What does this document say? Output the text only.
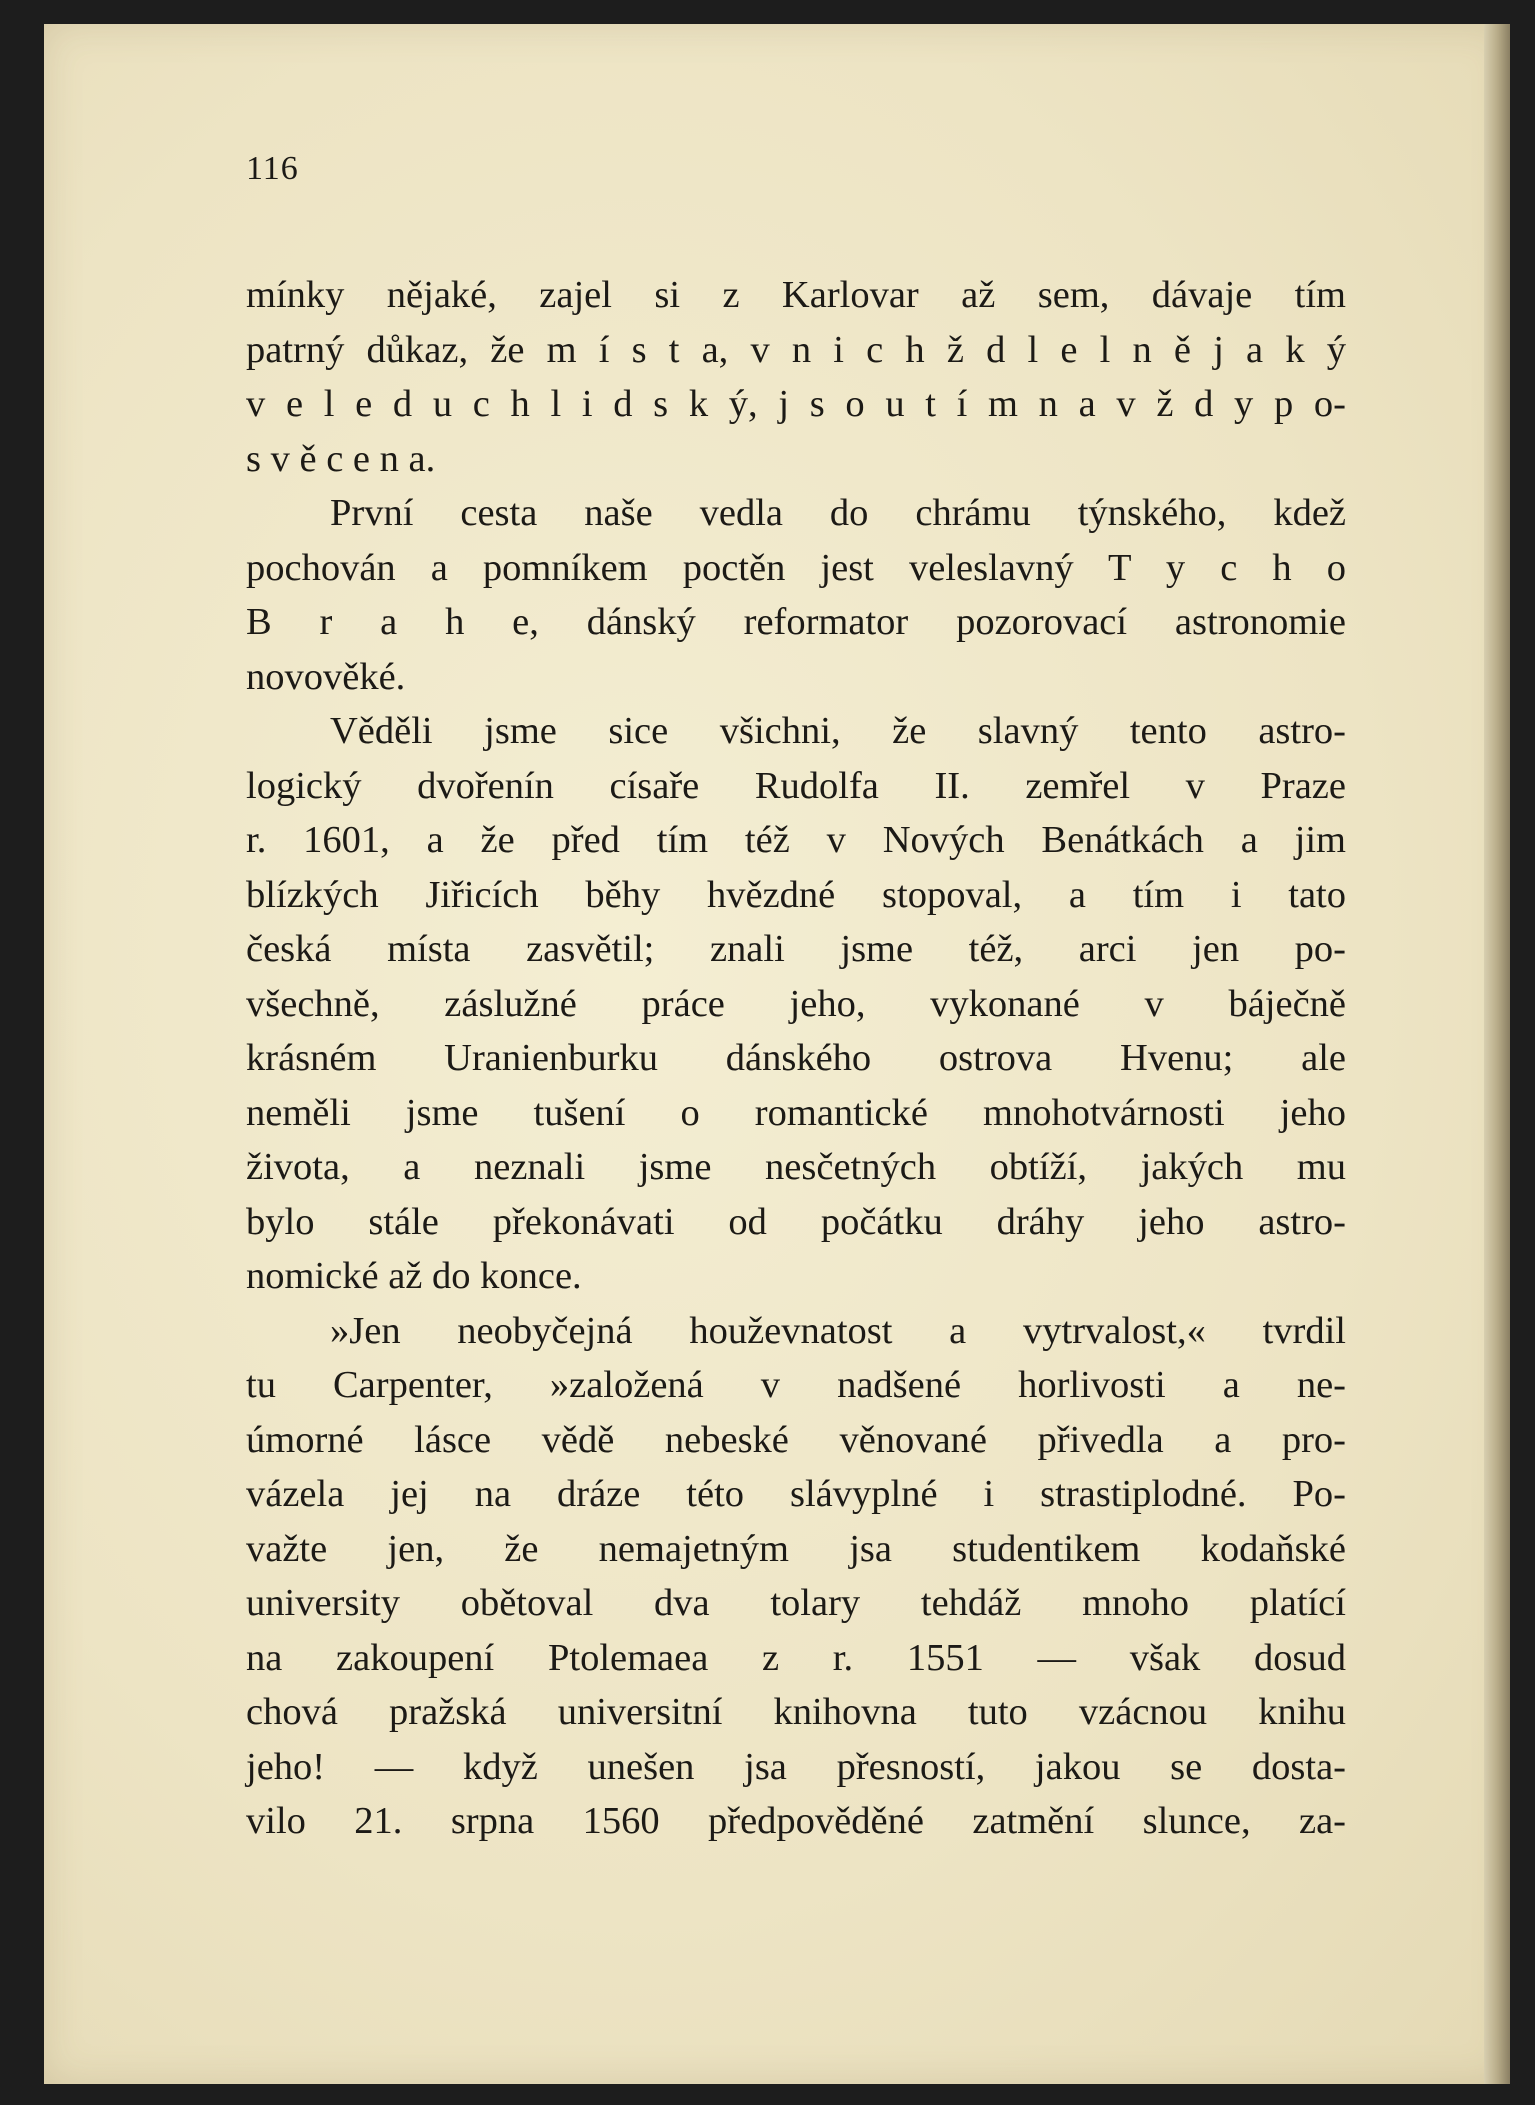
116
mínky nějaké, zajel si z Karlovar až sem, dávaje tím
patrný důkaz, že m í s t a, v n i c h ž d l e l n ě j a k ý
v e l e d u c h l i d s k ý, j s o u t í m n a v ž d y p o-
s v ě c e n a.
První cesta naše vedla do chrámu týnského, kdež
pochován a pomníkem poctěn jest veleslavný T y c h o
B r a h e, dánský reformator pozorovací astronomie
novověké.
Věděli jsme sice všichni, že slavný tento astro-
logický dvořenín císaře Rudolfa II. zemřel v Praze
r. 1601, a že před tím též v Nových Benátkách a jim
blízkých Jiřicích běhy hvězdné stopoval, a tím i tato
česká místa zasvětil; znali jsme též, arci jen po-
všechně, záslužné práce jeho, vykonané v báječně
krásném Uranienburku dánského ostrova Hvenu; ale
neměli jsme tušení o romantické mnohotvárnosti jeho
života, a neznali jsme nesčetných obtíží, jakých mu
bylo stále překonávati od počátku dráhy jeho astro-
nomické až do konce.
»Jen neobyčejná houževnatost a vytrvalost,« tvrdil
tu Carpenter, »založená v nadšené horlivosti a ne-
úmorné lásce vědě nebeské věnované přivedla a pro-
vázela jej na dráze této slávyplné i strastiplodné. Po-
važte jen, že nemajetným jsa studentikem kodaňské
university obětoval dva tolary tehdáž mnoho platící
na zakoupení Ptolemaea z r. 1551 — však dosud
chová pražská universitní knihovna tuto vzácnou knihu
jeho! — když unešen jsa přesností, jakou se dosta-
vilo 21. srpna 1560 předpověděné zatmění slunce, za-
